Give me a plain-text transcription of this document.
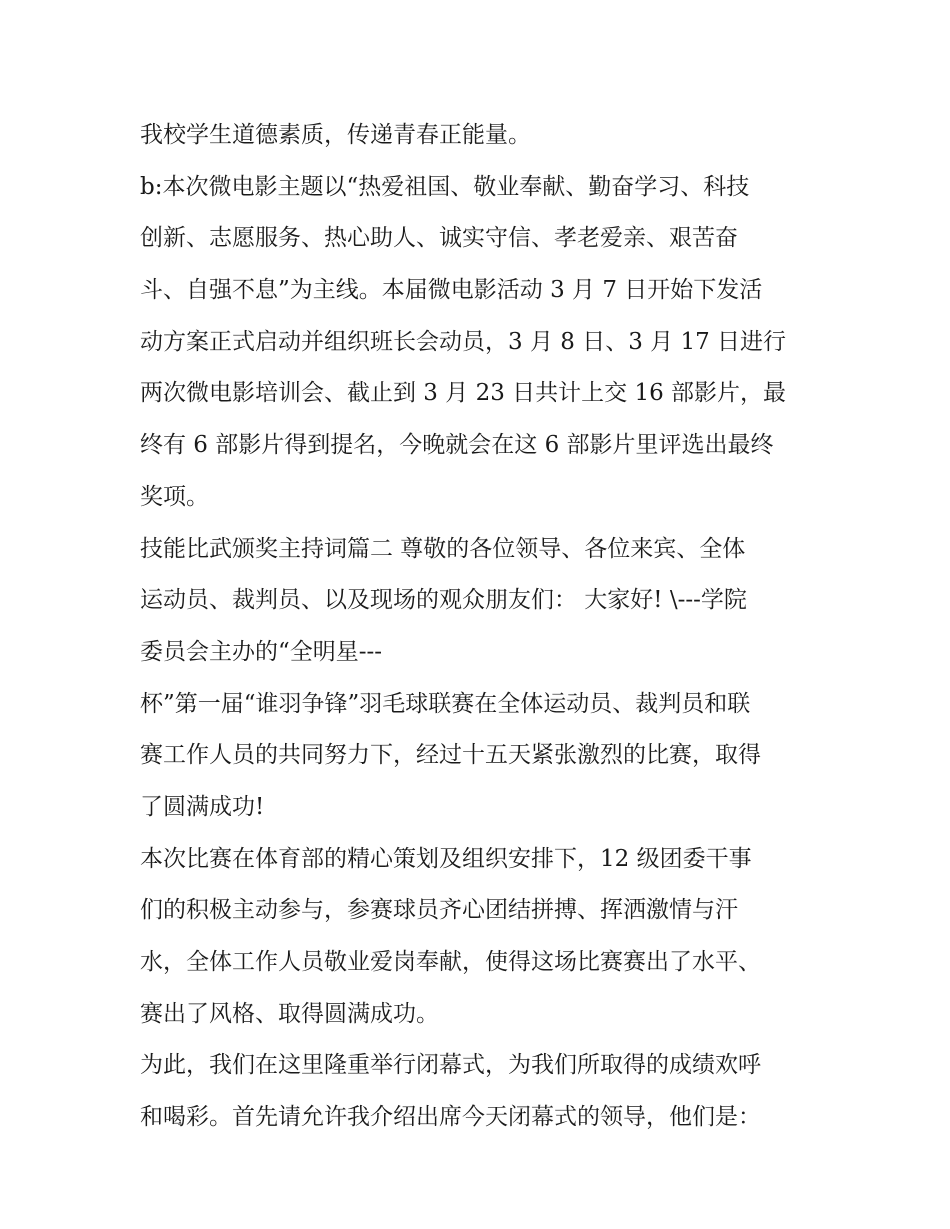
我校学生道德素质，传递青春正能量。
b:本次微电影主题以“热爱祖国、敬业奉献、勤奋学习、科技
创新、志愿服务、热心助人、诚实守信、孝老爱亲、艰苦奋
斗、自强不息”为主线。本届微电影活动 3 月 7 日开始下发活
动方案正式启动并组织班长会动员，3 月 8 日、3 月 17 日进行
两次微电影培训会、截止到 3 月 23 日共计上交 16 部影片，最
终有 6 部影片得到提名，今晚就会在这 6 部影片里评选出最终
奖项。
技能比武颁奖主持词篇二 尊敬的各位领导、各位来宾、全体
运动员、裁判员、以及现场的观众朋友们： 大家好! \---学院
委员会主办的“全明星---
杯”第一届“谁羽争锋”羽毛球联赛在全体运动员、裁判员和联
赛工作人员的共同努力下，经过十五天紧张激烈的比赛，取得
了圆满成功!
本次比赛在体育部的精心策划及组织安排下，12 级团委干事
们的积极主动参与，参赛球员齐心团结拼搏、挥洒激情与汗
水，全体工作人员敬业爱岗奉献，使得这场比赛赛出了水平、
赛出了风格、取得圆满成功。
为此，我们在这里隆重举行闭幕式，为我们所取得的成绩欢呼
和喝彩。首先请允许我介绍出席今天闭幕式的领导，他们是：
